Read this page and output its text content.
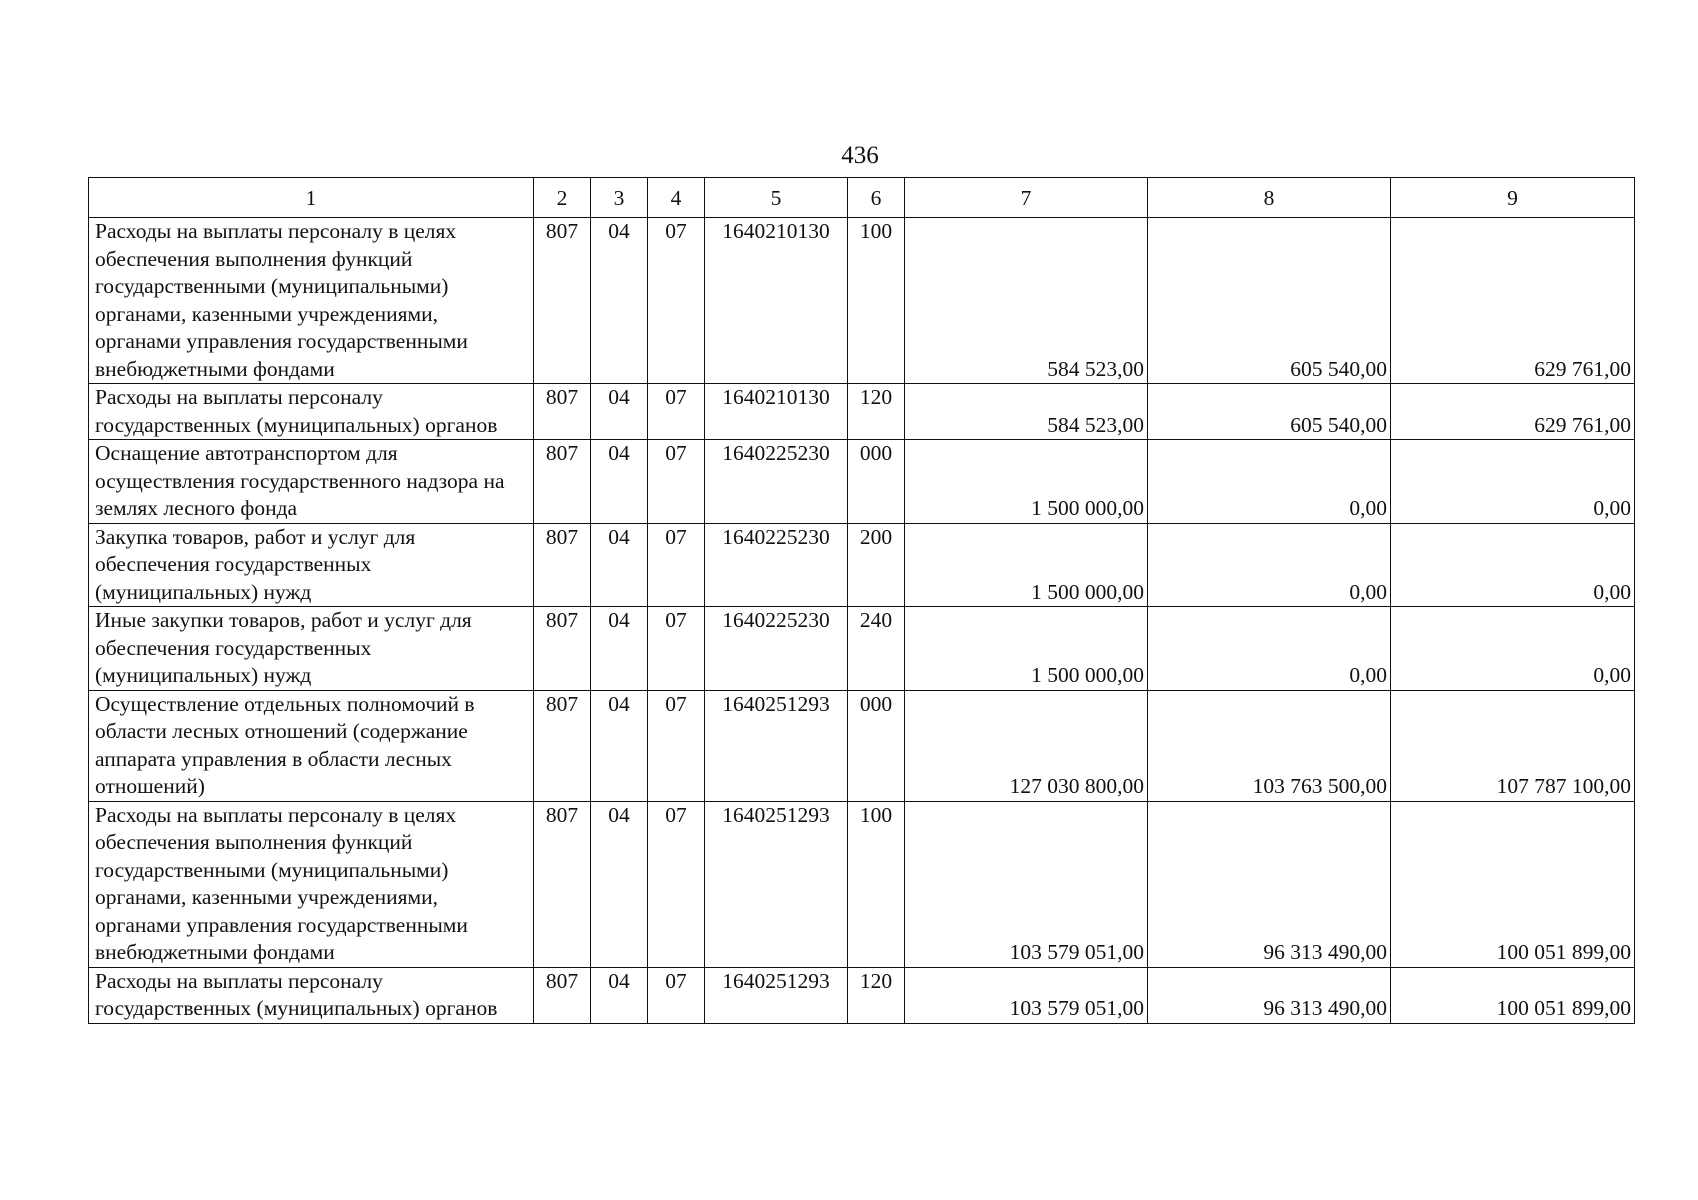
436
1	2	3	4	5	6	7	8	9
Расходы на выплаты персоналу в целях обеспечения выполнения функций государственными (муниципальными) органами, казенными учреждениями, органами управления государственными внебюджетными фондами	807	04	07	1640210130	100	584 523,00	605 540,00	629 761,00
Расходы на выплаты персоналу государственных (муниципальных) органов	807	04	07	1640210130	120	584 523,00	605 540,00	629 761,00
Оснащение автотранспортом для осуществления государственного надзора на землях лесного фонда	807	04	07	1640225230	000	1 500 000,00	0,00	0,00
Закупка товаров, работ и услуг для обеспечения государственных (муниципальных) нужд	807	04	07	1640225230	200	1 500 000,00	0,00	0,00
Иные закупки товаров, работ и услуг для обеспечения государственных (муниципальных) нужд	807	04	07	1640225230	240	1 500 000,00	0,00	0,00
Осуществление отдельных полномочий в области лесных отношений (содержание аппарата управления в области лесных отношений)	807	04	07	1640251293	000	127 030 800,00	103 763 500,00	107 787 100,00
Расходы на выплаты персоналу в целях обеспечения выполнения функций государственными (муниципальными) органами, казенными учреждениями, органами управления государственными внебюджетными фондами	807	04	07	1640251293	100	103 579 051,00	96 313 490,00	100 051 899,00
Расходы на выплаты персоналу государственных (муниципальных) органов	807	04	07	1640251293	120	103 579 051,00	96 313 490,00	100 051 899,00
